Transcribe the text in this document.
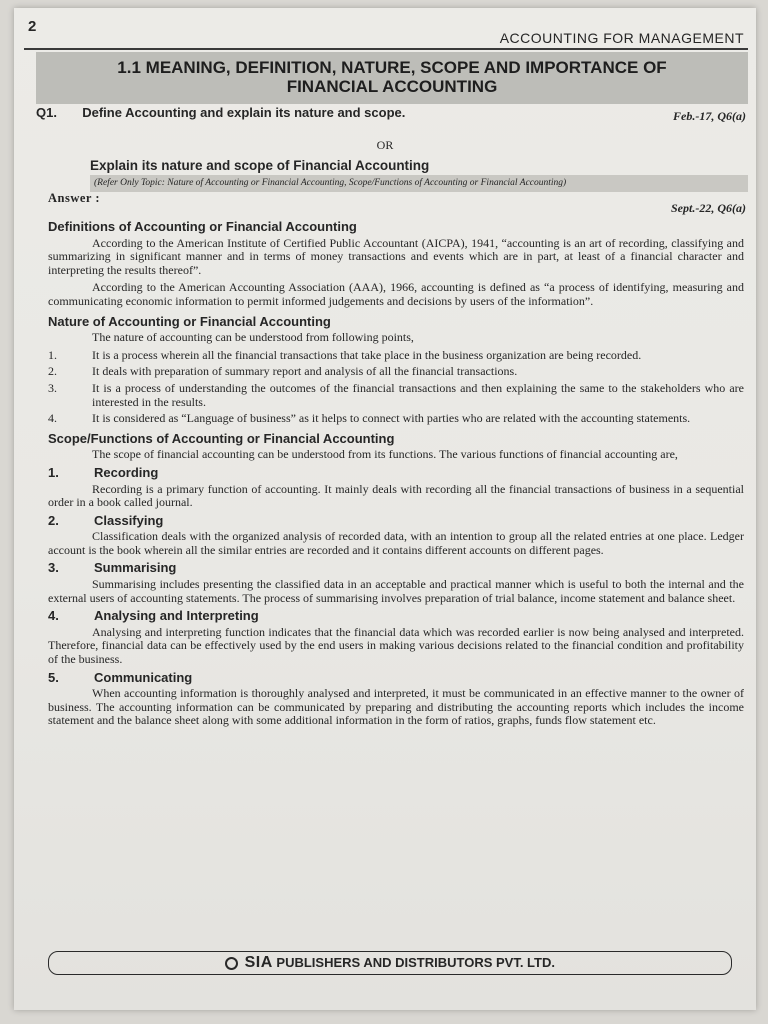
2
ACCOUNTING FOR MANAGEMENT
1.1 MEANING, DEFINITION, NATURE, SCOPE AND IMPORTANCE OF
FINANCIAL ACCOUNTING
Q1. Define Accounting and explain its nature and scope.	Feb.-17, Q6(a)
OR
Explain its nature and scope of Financial Accounting
(Refer Only Topic: Nature of Accounting or Financial Accounting, Scope/Functions of Accounting or Financial Accounting)
Answer :
Sept.-22, Q6(a)
Definitions of Accounting or Financial Accounting

According to the American Institute of Certified Public Accountant (AICPA), 1941, “accounting is an art of recording, classifying and summarizing in significant manner and in terms of money transactions and events which are in part, at least of a financial character and interpreting the results thereof”.

According to the American Accounting Association (AAA), 1966, accounting is defined as “a process of identifying, measuring and communicating economic information to permit informed judgements and decisions by users of the information”.

Nature of Accounting or Financial Accounting

The nature of accounting can be understood from following points,

1.	It is a process wherein all the financial transactions that take place in the business organization are being recorded.
2.	It deals with preparation of summary report and analysis of all the financial transactions.
3.	It is a process of understanding the outcomes of the financial transactions and then explaining the same to the stakeholders who are interested in the results.
4.	It is considered as “Language of business” as it helps to connect with parties who are related with the accounting statements.
Scope/Functions of Accounting or Financial Accounting

The scope of financial accounting can be understood from its functions. The various functions of financial accounting are,

1.	Recording

Recording is a primary function of accounting. It mainly deals with recording all the financial transactions of business in a sequential order in a book called journal.

2.	Classifying

Classification deals with the organized analysis of recorded data, with an intention to group all the related entries at one place. Ledger account is the book wherein all the similar entries are recorded and it contains different accounts on different pages.

3.	Summarising

Summarising includes presenting the classified data in an acceptable and practical manner which is useful to both the internal and the external users of accounting statements. The process of summarising involves preparation of trial balance, income statement and balance sheet.

4.	Analysing and Interpreting

Analysing and interpreting function indicates that the financial data which was recorded earlier is now being analysed and interpreted. Therefore, financial data can be effectively used by the end users in making various decisions related to the financial condition and profitability of the business.

5.	Communicating

When accounting information is thoroughly analysed and interpreted, it must be communicated in an effective manner to the owner of business. The accounting information can be communicated by preparing and distributing the accounting reports which includes the income statement and the balance sheet along with some additional information in the form of ratios, graphs, funds flow statement etc.

SIA PUBLISHERS AND DISTRIBUTORS PVT. LTD.
